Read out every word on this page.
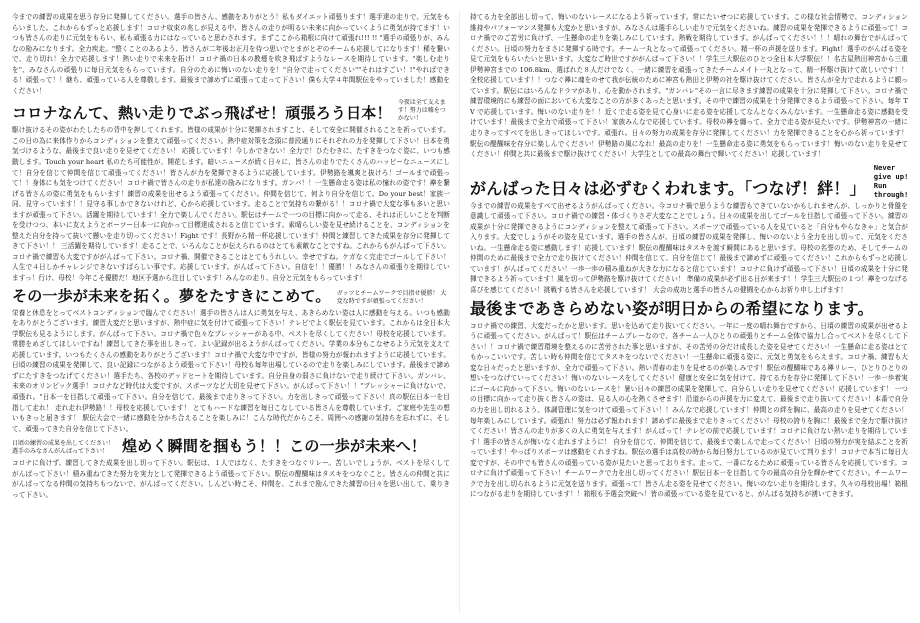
今までの練習の成果を思う存分に発揮してください。選手の皆さん、感動をありがとう！私もダイエット頑張ります！選手達の走りで、元気をもらいました。これからもずっと応援します！コロナ収束の兆しが見える中、皆さんの走りが明るい未来に向かっていくように勇気が持てます！いつも皆さんの走りに元気をもらい、私も頑張る力にはなっていると思わされます。まずここから箱根に向けて頑張れ!!! !! "選手の頑張りが、みんなの励みになります。全力疾走。"整くことのあるよう、皆さんが二年後お正月を待つ思いでとまがとぞのチームも応援してになります！稀を繋いで、走り切れ！全力で応援します！熱い走りで未来を拓け！コロナ禍の日本の教煙を吹き飛ばすようなレースを期待しています。"楽しむ走りを"、みなさんの頑張りに毎日元気をもらっています。自分のために悔いのない走りを！"自分で走ってください""それはすごい！!"やればできる！頑張って！！継ち、頑張っている人を尊敬します。最後まで諦めずに頑張って走って下さい！僕も大学４年間駅伝をやっていました！感動をください！

コロナなんて、熱い走りでぶっ飛ばせ！頑張ろう日本！
今夜は全て支えます！努力は嘘をつかない！

駆け抜けるその姿がわたしたちの背中を押してくれます。皆様の成果が十分に発揮されますこと、そして安全に開催されることを祈っています。この日の為に来体作りからコンディションを整えて頑張ってください。熱中症対策を念頭に普段通りにそれぞれの力を発揮して下さい！日本を勇気づけるような、最後まで良い走りを見せてください！ 応援しています！今しかできない！全力で！ひたむきに、たすきをつなぐ姿に、いつも感動します。Touch your heart 私のたち可能性が、開花します。暗いニュースが続く日々に、皆さんの走りでたくさんのハッピーなニュースにして！自分を信じて仲間を信じて頑張ってください！皆さんが力を発揮できるように応援しています。伊勢路を颯爽と抜けろ！ゴールまで頑張って！！身体にも気をつけてください！コロナ禍で皆さんの走りが私達の励みになります。ガンバ！！一生懸命走る姿は私の憧れの姿です！襷を繋げる皆さんの姿に勇気をもらいます！練習の成果を出せるよう頑張ってください。仲間を信じて、何より自分を信じて。Do your best！家族一同、見守っています！！見守る事しかできないけれど、心から応援しています。走ることで気持ちの繋がる！！コロナ禍で大変な事も多いと思いますが頑張って下さい。活躍を期待しています！全力で楽しんでください。駅伝はチームで一つの目標に向かって走る、それは正しいことを判断を受けつつ、本いに友えようとボーツー日本一に向かって目標達成されると信じています。素晴らしい姿を見せ続けることを、コンディションを整えた自分を持って抜いて懸いを走り切ってください！Fight です！長野から精一杯応援しています！仲間と練習してきた成果を存分に発揮してきて下さい！！ 三活躍を期待しています！走ることで、いろんなことが伝えられるのはとても素敵なことですね。これからもがんばって下さい。コロナ禍で練習も大変ですががんばって下さい。コロナ禍、開催できることはとてもうれしい。幸せですね。ケガなく完走でゴールして下さい！人生で４日しかチャレンジできないすばらしい事です。応援しています。がんばって下さい。自信を！！優勝！！みなさんの頑張りを期待していますっ！行け、母校！今年こそ優勝だ！地区予選から注目しています！みんなの走り、自分と元気をもらっています！

その一歩が未来を拓く。夢をたすきにこめて。 ガッツとチームワークで目指せ優勝！ 大変な時ですが頑張ってください！

栄養と休息をとってベストコンディションで臨んでください！選手の皆さんは人に勇気を与え、あきらめない姿は人に感動を与える。いつも感動をありがとうございます。練習大変だと思いますが、熱中症に気を付けて頑張って下さい！テレビでよく駅伝を見ています。これからは全日本大学駅伝も見るようにします。がんばって下さい。コロナ禍で色々なプレッシャーがある中、ベストを尽くしてください！母校を応援しています。常勝をめざしてほしいですね！練習してきた事を出しきって、よい記録が出るようがんばってください。学業の本分もこなせるよう元気を支えて応援しています。いつもたくさんの感動をありがとうございます！コロナ禍で大変な中ですが、皆様の努力が報われますように応援しています。日頃の練習の成果を発揮して、良い記録につながるよう頑張って下さい！母校も毎年出場しているので走りを楽しみにしています。最後まで諦めずにたすきをつなげてください！選手たち、各校のデッドヒートを期待しています。自分自身の弱さに負けないで走り続けて下さい。ガンバレ、未来のオリンピック選手！コロナなど時代は大変ですが、スポーツなど大切を見せて下さい。がんばって下さい！！"プレッシャーに負けないで、頑張れ。"日本一を目指して頑張って下さい。自分を信じて、最後まで走りきって下さい。力を出しきって頑張って下さい！真の駅伝日本一を目指して走れ！ 走れ走れ伊勢路！！母校を応援しています！ とてもハードな練習を毎日こなしている皆さんを尊敬しています。ご家庭や先生の想いもきっと届きます！ 駅伝大会で一緒に感動を分かち合えることを楽しみに！こんな時代だからこそ、周囲への感謝の気持ちを忘れずに、そして、頑張ってきた自分を信じて下さい。

日頃の練習の成果を出してください！
選手のみなさんがんばって下さい！ 煌めく瞬間を掴もう！！この一歩が未来へ！

コロナに負けず、練習してきた成果を出し切って下さい。駅伝は、１人ではなく、たすきをつなぐリレー。苦しいでしょうが、ベストを尽くしてがんばって下さい！積み重ねてきた努力を実力として発揮できるよう頑張って下さい。駅伝の醍醐味はタスキをつなぐこと。皆さんの仲間と共にがんばってなる仲間の気持ちもつないで、がんばってください。しんどい時こそ、仲間を、これまで励んできた練習の日々を思い出して、乗りきって下さい。

持てる力を全部出し切って、悔いのないレースになるよう祈っています。常にたいせつに応援しています。この様な社会情勢で、コンディション維持やパフォーマンス発揮も大変かと思いますが、みなさんは選手らしい走りで元気をくださいね。練習の成果を発揮できるように頑張って！コロナ禍でのご苦労に負けず、一生懸命の走りを楽しみにしています。熱戦を期待しています。がんばってください！！！晴れの舞台でがんばってください。日頃の努力をまさに発揮する時です。チーム一丸となって頑張ってください。精一杯の声援を送ります。Fight！選手のがんばる姿を見て元気をもらいたいと思います。大変なご時世ですががんばって下さい！！学生三大駅伝のひとつ全日本大学駅伝！！名古屋熱田神宮から三重伊勢神宮までの 106.8km、選ばれた８人だけでなく、一緒に練習を頑張ってきたチームメイト一丸となって、精一杯駆け抜けて欲しいです！！全校応援しています！！つなぐ襷に魂をのせて我が伝統のために神宮も熱田と伊勢の社を駆け抜けてください。皆さんが全力で走れるように願っています。駅伝にはいろんなドラマがあり、心を動かされます。"ガンバレ"その一言に尽きます練習の成果を十分に発揮して下さい。コロナ禍で練習環境的にも練習の面においても大変なことの方が多くあったと思います。その中で練習の成果を十分発揮できるよう頑張って下さい。毎年 TV で応援しています。悔いのない走りを！！近くで走る姿を見て心身いに走る姿を応援してなんとなくみんないます。一生懸命走る姿に感動を受けています！最後まで全力で頑張って下さい！家族みんなで応援しています。母校の襷を纏って、全力で走る姿が見たいです。伊勢神宮の一緒に走りきってすべてを出しきってほしいです。頑張れ。日々の努力の成果を存分に発揮してください！力を発揮できることを心から祈っています！駅伝の醍醐味を存分に楽しんでください！伊勢路の風になれ！最高の走りを！一生懸命走る姿に勇気をもらっています！悔いのない走りを見せてください！仲間と共に最後まで駆け抜けてください！大学生としての最高の舞台で輝いてください！応援しています！

がんばった日々は必ずむくわれます。「つなげ！絆！」
Never give up! Run through!

今までの練習の成果をすべて出せるようがんばってください。今コロナ禍で思うような練習もできていないかもしれませんが、しっかりと骨盤を意識して頑張って下さい。コロナ禍での練習・体づくりさぞ大変なことでしょう。日々の成果を出してゴールを目指して頑張って下さい。練習の成果が十分に発揮できるようにコンディションを整えて頑張って下さい。スポーツで頑張っている人を見ていると「自分もやらなきゃ」と気合が入ります。大変でしょうがその姿を見ています。選手の皆さんが、日頃の練習の成果を発揮し、悔いのないよう全力を出し切って、元気をくださいね。一生懸命走る姿に感動します！応援しています！駅伝の醍醐味はタスキを渡す瞬間にあると思います。母校の名誉のため、そしてチームの仲間のために最後まで全力で走り抜けてください！仲間を信じて、自分を信じて！最後まで諦めずに頑張ってください！これからもずっと応援しています！がんばってください！一歩一歩の積み重ねが大きな力になると信じています！コロナに負けず頑張って下さい！日頃の成果を十分に発揮できるよう祈っています！風を切って伊勢路を駆け抜けてください！ 準備の成果が必ず出る日が来ます！！学生三大駅伝の１つ！襷をつなげる喜びを感じてください！挑戦する皆さんを応援しています！ 大会の成功と選手の皆さんの健闘を心からお祈り申し上げます！

最後まであきらめない姿が明日からの希望になります。

コロナ禍での練習、大変だったかと思います。思いを込めて走り抜いてください。一年に一度の晴れ舞台ですから、日頃の練習の成果が出せるように頑張ってください。がんばって！駅伝はチームプレーなので、各チーム一人ひとりの頑張りとチーム全体で協力し合ってベストを尽くして下さい！！コロナ禍で練習環境を整えるのに苦労された事と思いますが、その苦労の分だけ成長した姿を見せてください！一生懸命に走る姿はとてもかっこいいです。苦しい時も仲間を信じてタスキをつないでください！一生懸命に頑張る姿に、元気と勇気をもらえます。コロナ禍、練習も大変な日々だったと思いますが、全力で頑張って下さい。熱い青春の走りを見せるのが楽しみです！駅伝の醍醐味である襷リレー、ひとりひとりの想いをつなげていってください！悔いのないレースをしてください！健康と安全に気を付けて、持てる力を存分に発揮して下さい！一歩一歩着実にゴールに向かって下さい。悔いのないレースを！暑い日々の練習の成果を発揮して、自分らしい走りを見せてください！応援しています！ 一つの目標に向かって走り抜く皆さんの姿は、見る人の心を熱くさせます！沿道からの声援を力に変えて、最後まで走り抜いてください！本番で自分の力を出し切れるよう、体調管理に気をつけて頑張って下さい！！みんなで応援しています！仲間との絆を胸に、最高の走りを見せてください！毎年楽しみにしています。頑張れ！努力は必ず報われます！諦めずに最後まで走りきってください！母校の誇りを胸に！最後まで全力で駆け抜けてください！皆さんの走りが多くの人に勇気を与えます！がんばって！テレビの前で応援しています！コロナに負けない熱い走りを期待しています！選手の皆さんが悔いなく走れますように！ 自分を信じて、仲間を信じて、最後まで楽しんで走ってください！日頃の努力が実を結ぶことを祈っています！やっぱりスポーツは感動をくれますね、駅伝の選手は高校の時から毎日努力しているのが見ていて判ります！コロナで本当に毎日大変ですが、その中でも皆さんの頑張っている姿が見たいと思っております。走って、一番になるために頑張っている皆さんを応援しています。コロナに負けず頑張って下さい！チームワークで力を出し切ってください！駅伝日本一を目指して今の最高の自分を輝かせてください。チームワークで力を出し切られるように元気を送ります。頑張って！皆さん走る姿を見せてください。悔いのない走りを期待します。久々の母校出場！箱根につながる走りを期待しています！！箱根も予選会突破へ！皆の頑張っている姿を見ていると、がんばる気持ちが湧いてきます。
